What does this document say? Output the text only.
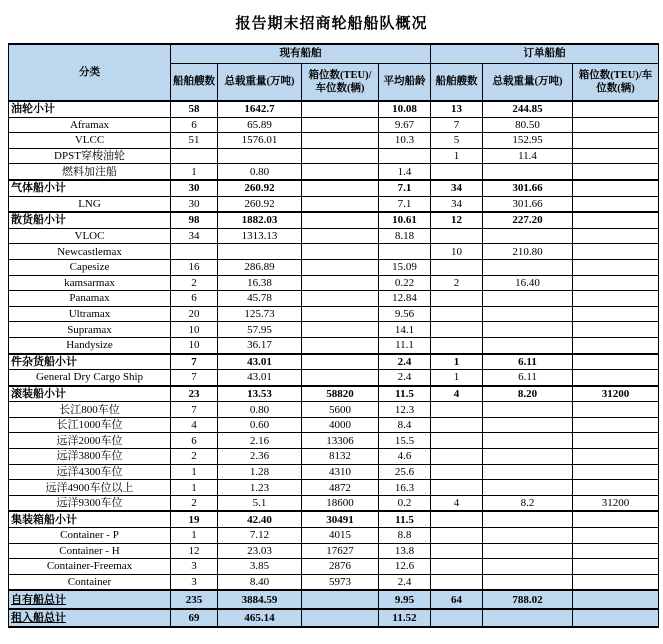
报告期末招商轮船船队概况
分类	现有船舶				订单船舶		
	船舶艘数	总载重量(万吨)	箱位数(TEU)/车位数(辆)	平均船龄	船舶艘数	总载重量(万吨)	箱位数(TEU)/车位数(辆)
油轮小计	58	1642.7		10.08	13	244.85	
Aframax	6	65.89		9.67	7	80.50	
VLCC	51	1576.01		10.3	5	152.95	
DPST穿梭油轮					1	11.4	
燃料加注船	1	0.80		1.4			
气体船小计	30	260.92		7.1	34	301.66	
LNG	30	260.92		7.1	34	301.66	
散货船小计	98	1882.03		10.61	12	227.20	
VLOC	34	1313.13		8.18			
Newcastlemax					10	210.80	
Capesize	16	286.89		15.09			
kamsarmax	2	16.38		0.22	2	16.40	
Panamax	6	45.78		12.84			
Ultramax	20	125.73		9.56			
Supramax	10	57.95		14.1			
Handysize	10	36.17		11.1			
件杂货船小计	7	43.01		2.4	1	6.11	
General Dry Cargo Ship	7	43.01		2.4	1	6.11	
滚装船小计	23	13.53	58820	11.5	4	8.20	31200
长江800车位	7	0.80	5600	12.3			
长江1000车位	4	0.60	4000	8.4			
远洋2000车位	6	2.16	13306	15.5			
远洋3800车位	2	2.36	8132	4.6			
远洋4300车位	1	1.28	4310	25.6			
远洋4900车位以上	1	1.23	4872	16.3			
远洋9300车位	2	5.1	18600	0.2	4	8.2	31200
集装箱船小计	19	42.40	30491	11.5			
Container - P	1	7.12	4015	8.8			
Container - H	12	23.03	17627	13.8			
Container-Freemax	3	3.85	2876	12.6			
Container	3	8.40	5973	2.4			
自有船总计	235	3884.59		9.95	64	788.02	
租入船总计	69	465.14		11.52			
